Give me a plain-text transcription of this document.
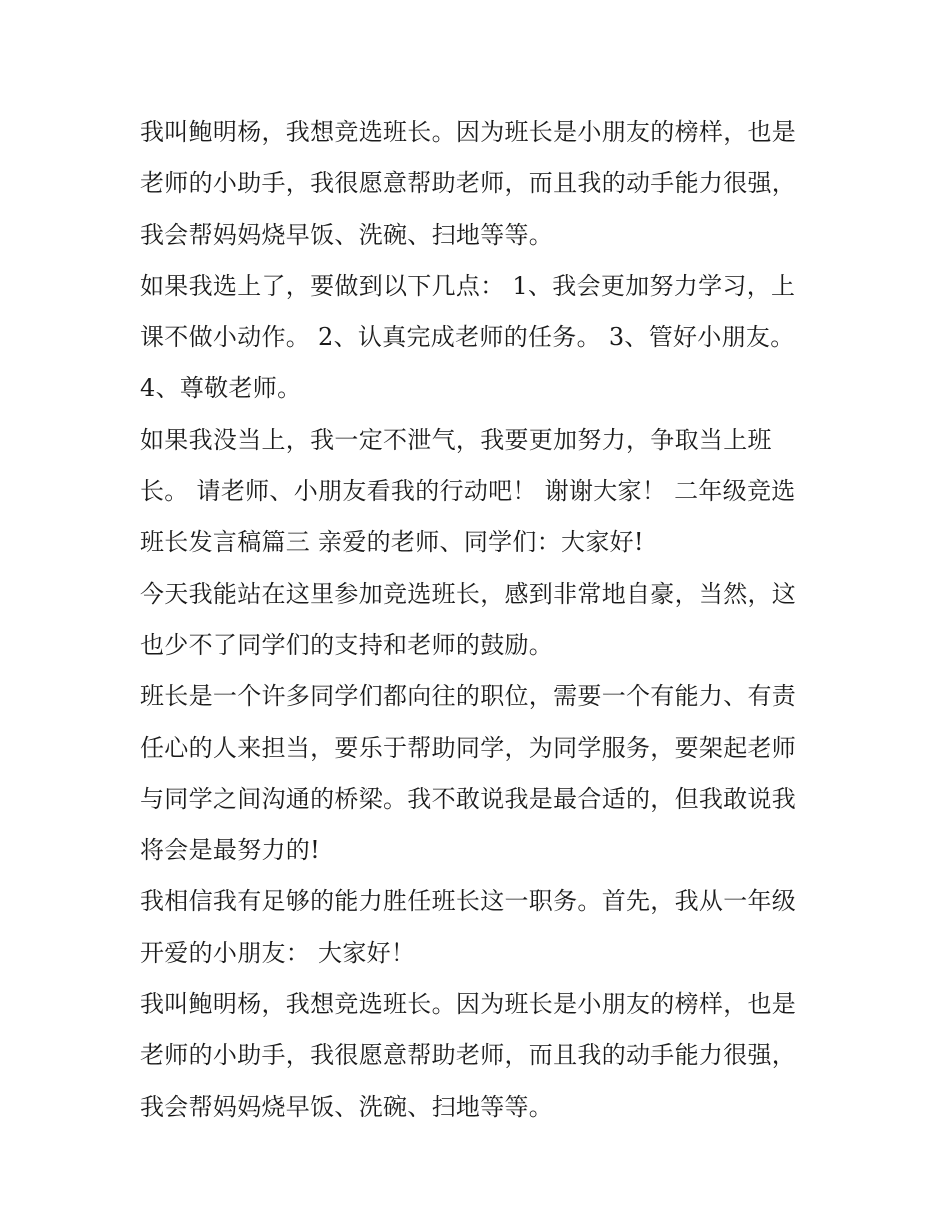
我叫鲍明杨，我想竞选班长。因为班长是小朋友的榜样，也是
老师的小助手，我很愿意帮助老师，而且我的动手能力很强，
我会帮妈妈烧早饭、洗碗、扫地等等。
如果我选上了，要做到以下几点： 1、我会更加努力学习，上
课不做小动作。 2、认真完成老师的任务。 3、管好小朋友。
4、尊敬老师。
如果我没当上，我一定不泄气，我要更加努力，争取当上班
长。 请老师、小朋友看我的行动吧！ 谢谢大家！ 二年级竞选
班长发言稿篇三 亲爱的老师、同学们：大家好!
今天我能站在这里参加竞选班长，感到非常地自豪，当然，这
也少不了同学们的支持和老师的鼓励。
班长是一个许多同学们都向往的职位，需要一个有能力、有责
任心的人来担当，要乐于帮助同学，为同学服务，要架起老师
与同学之间沟通的桥梁。我不敢说我是最合适的，但我敢说我
将会是最努力的!
我相信我有足够的能力胜任班长这一职务。首先，我从一年级
开爱的小朋友： 大家好！
我叫鲍明杨，我想竞选班长。因为班长是小朋友的榜样，也是
老师的小助手，我很愿意帮助老师，而且我的动手能力很强，
我会帮妈妈烧早饭、洗碗、扫地等等。
